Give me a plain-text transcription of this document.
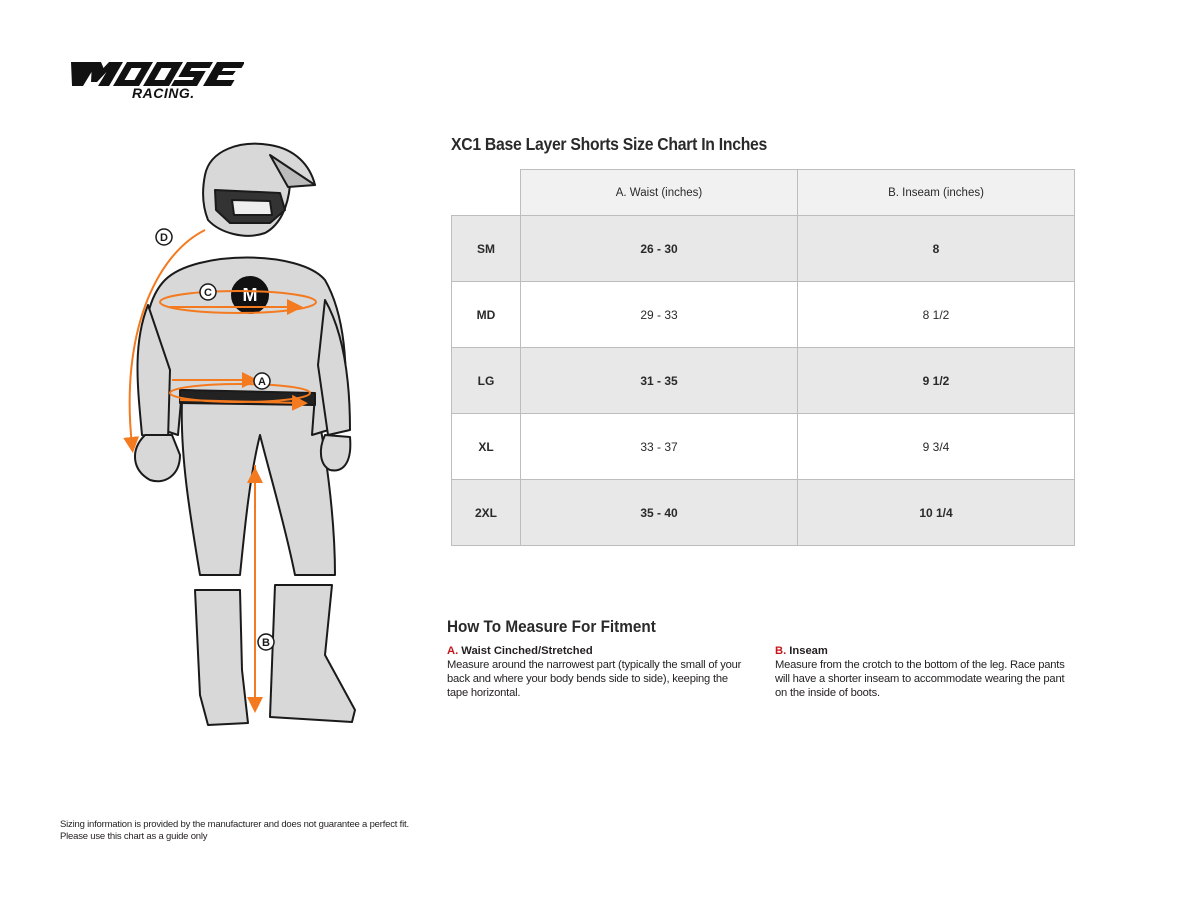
RACING.
M
D
C
A
B
XC1 Base Layer Shorts Size Chart In Inches
	A. Waist (inches)	B. Inseam (inches)
SM	26 - 30	8
MD	29 - 33	8 1/2
LG	31 - 35	9 1/2
XL	33 - 37	9 3/4
2XL	35 - 40	10 1/4
How To Measure For Fitment
A. Waist Cinched/Stretched
Measure around the narrowest part (typically the small of your back and where your body bends side to side), keeping the tape horizontal.
B. Inseam
Measure from the crotch to the bottom of the leg. Race pants will have a shorter inseam to accommodate wearing the pant on the inside of boots.
Sizing information is provided by the manufacturer and does not guarantee a perfect fit.
Please use this chart as a guide only
